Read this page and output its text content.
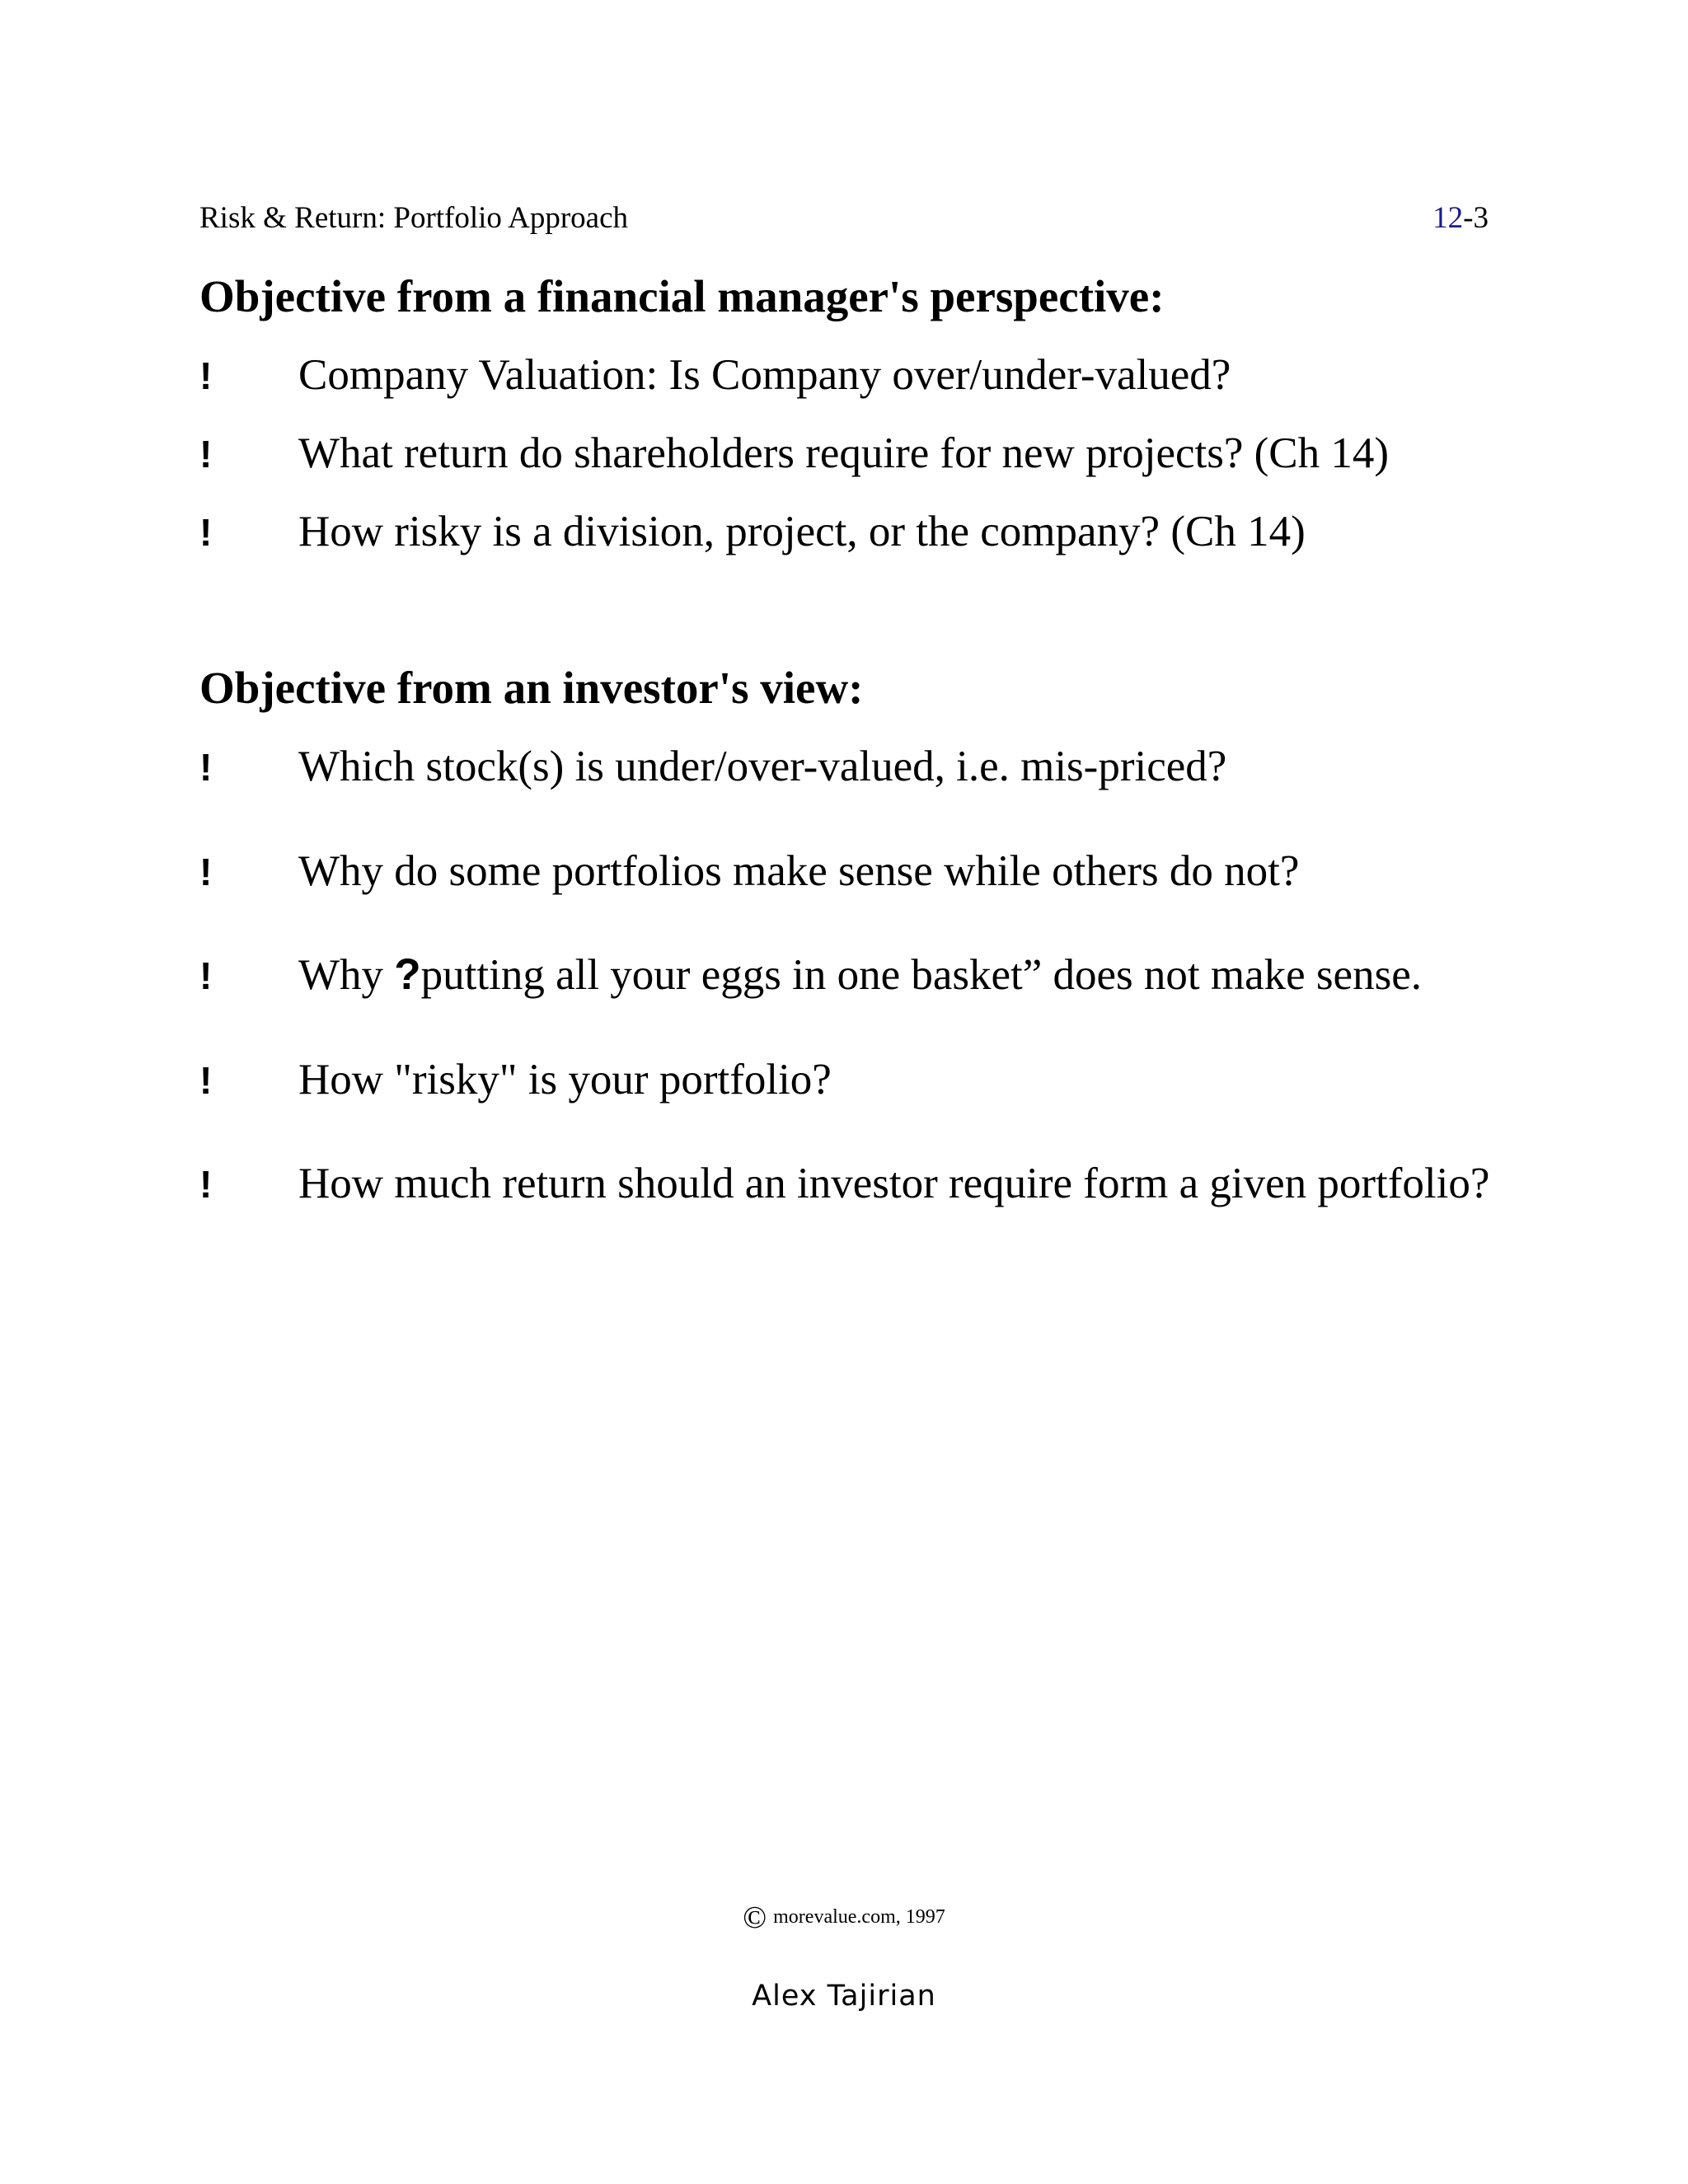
Risk & Return: Portfolio Approach	12-3
Objective from a financial manager's perspective:
! Company Valuation: Is Company over/under-valued?
! What return do shareholders require for new projects? (Ch 14)
! How risky is a division, project, or the company? (Ch 14)
Objective from an investor's view:
! Which stock(s) is under/over-valued, i.e. mis-priced?
! Why do some portfolios make sense while others do not?
! Why ?putting all your eggs in one basket” does not make sense.
! How "risky" is your portfolio?
! How much return should an investor require form a given portfolio?
© morevalue.com, 1997
Alex Tajirian
